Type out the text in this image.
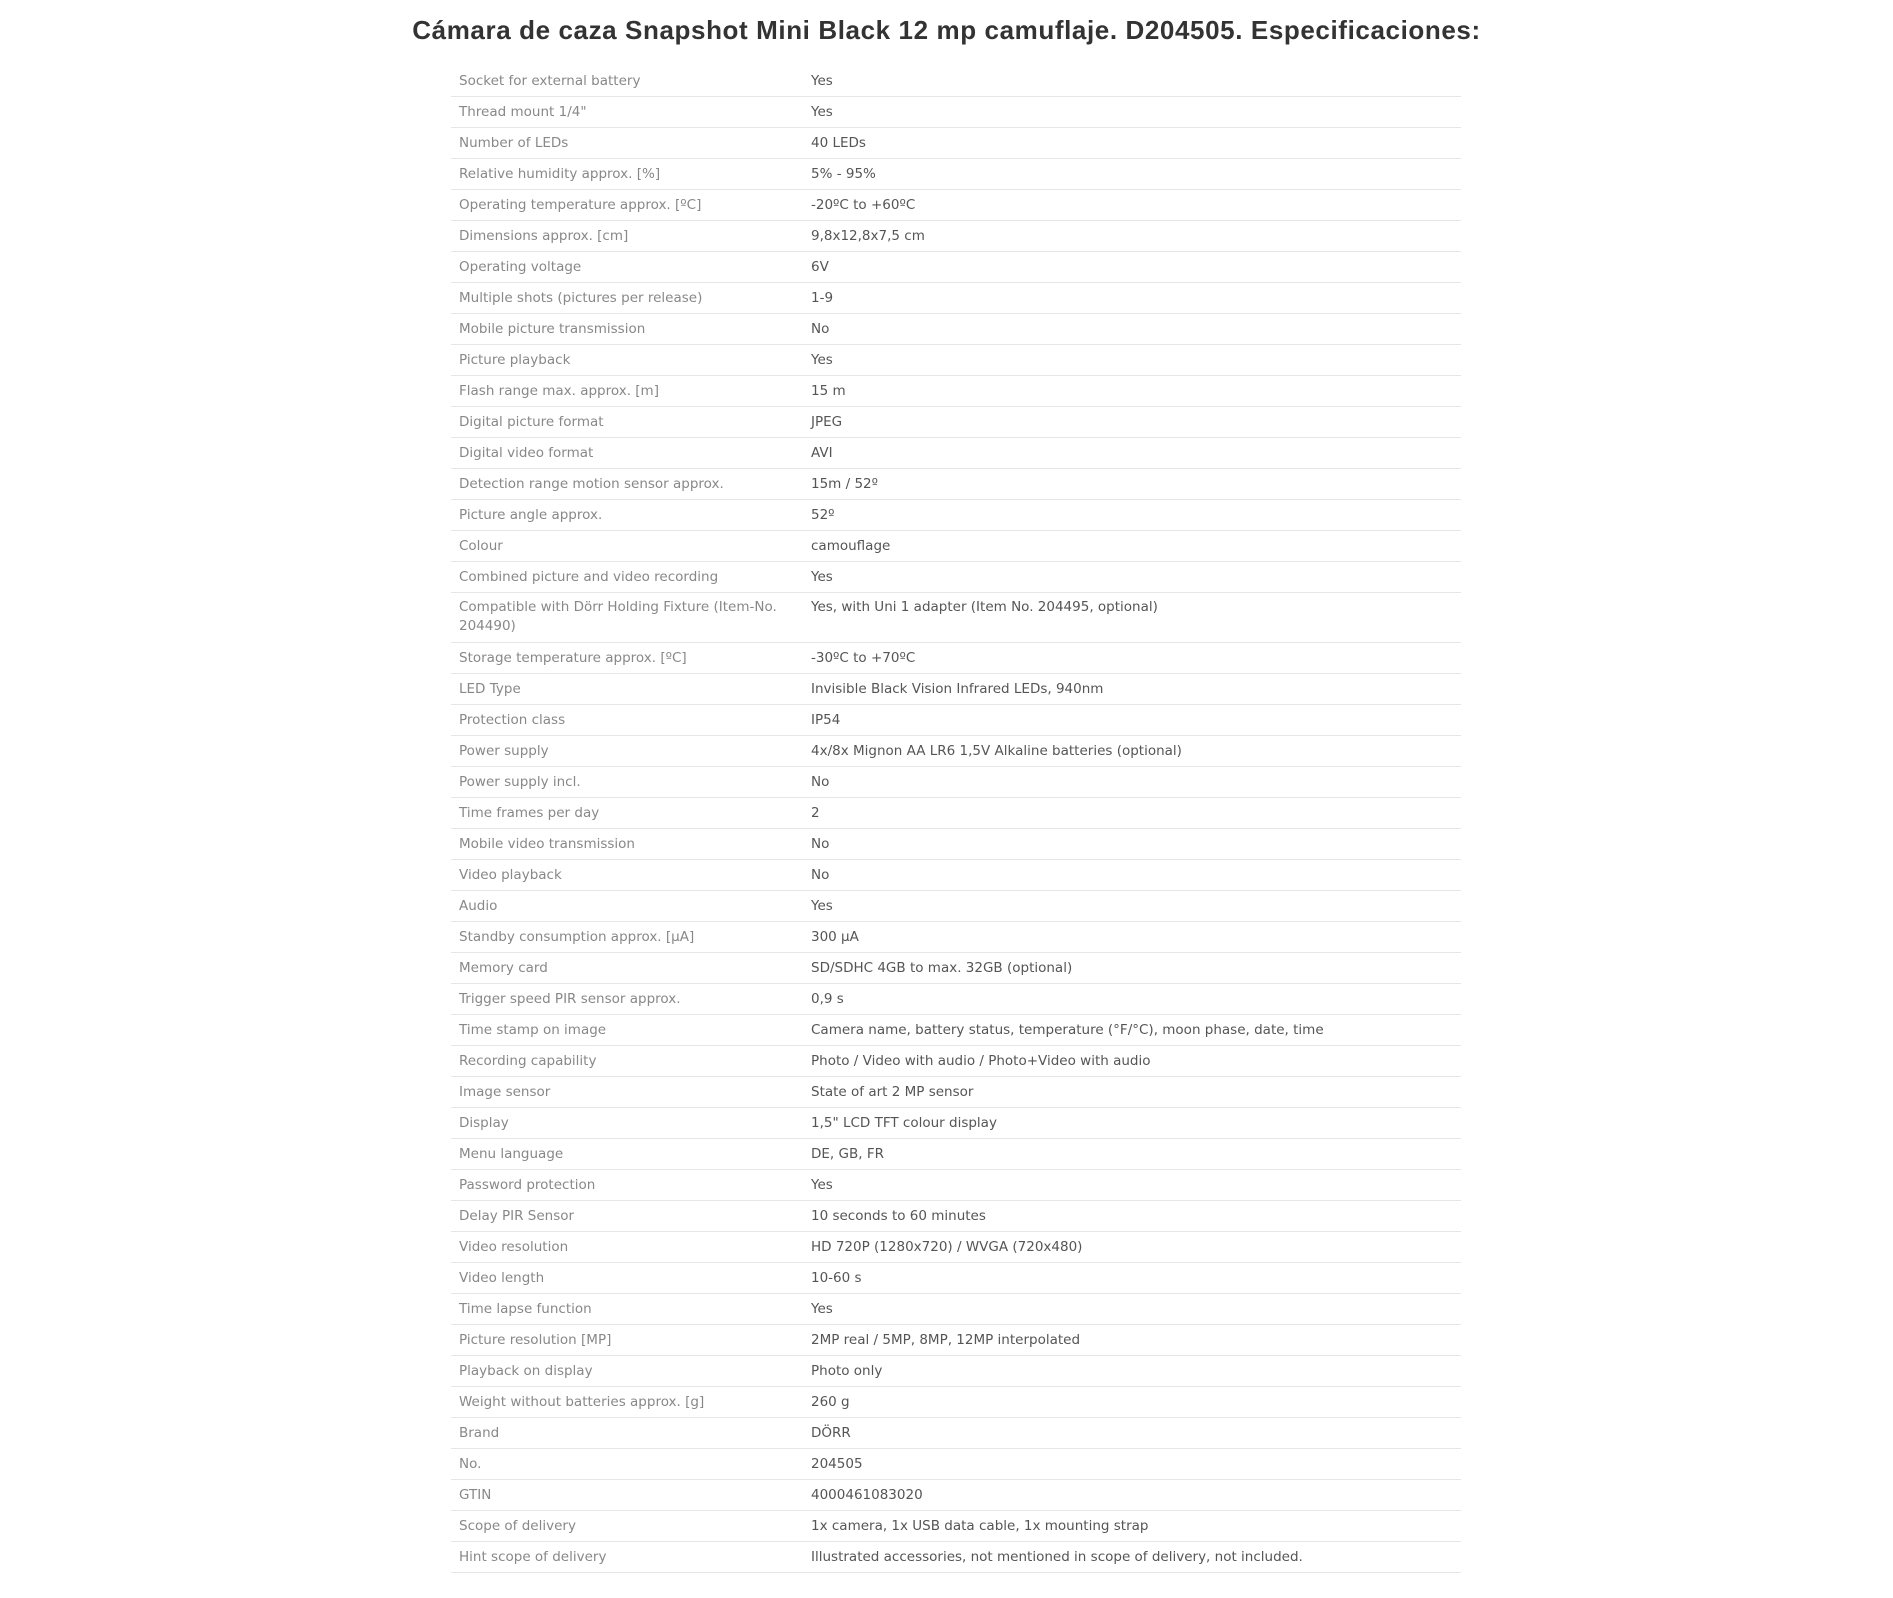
Cámara de caza Snapshot Mini Black 12 mp camuflaje. D204505. Especificaciones:
Socket for external battery	Yes
Thread mount 1/4"	Yes
Number of LEDs	40 LEDs
Relative humidity approx. [%]	5% - 95%
Operating temperature approx. [ºC]	-20ºC to +60ºC
Dimensions approx. [cm]	9,8x12,8x7,5 cm
Operating voltage	6V
Multiple shots (pictures per release)	1-9
Mobile picture transmission	No
Picture playback	Yes
Flash range max. approx. [m]	15 m
Digital picture format	JPEG
Digital video format	AVI
Detection range motion sensor approx.	15m / 52º
Picture angle approx.	52º
Colour	camouflage
Combined picture and video recording	Yes
Compatible with Dörr Holding Fixture (Item-No. 204490)	Yes, with Uni 1 adapter (Item No. 204495, optional)
Storage temperature approx. [ºC]	-30ºC to +70ºC
LED Type	Invisible Black Vision Infrared LEDs, 940nm
Protection class	IP54
Power supply	4x/8x Mignon AA LR6 1,5V Alkaline batteries (optional)
Power supply incl.	No
Time frames per day	2
Mobile video transmission	No
Video playback	No
Audio	Yes
Standby consumption approx. [µA]	300 µA
Memory card	SD/SDHC 4GB to max. 32GB (optional)
Trigger speed PIR sensor approx.	0,9 s
Time stamp on image	Camera name, battery status, temperature (°F/°C), moon phase, date, time
Recording capability	Photo / Video with audio / Photo+Video with audio
Image sensor	State of art 2 MP sensor
Display	1,5" LCD TFT colour display
Menu language	DE, GB, FR
Password protection	Yes
Delay PIR Sensor	10 seconds to 60 minutes
Video resolution	HD 720P (1280x720) / WVGA (720x480)
Video length	10-60 s
Time lapse function	Yes
Picture resolution [MP]	2MP real / 5MP, 8MP, 12MP interpolated
Playback on display	Photo only
Weight without batteries approx. [g]	260 g
Brand	DÖRR
No.	204505
GTIN	4000461083020
Scope of delivery	1x camera, 1x USB data cable, 1x mounting strap
Hint scope of delivery	Illustrated accessories, not mentioned in scope of delivery, not included.
